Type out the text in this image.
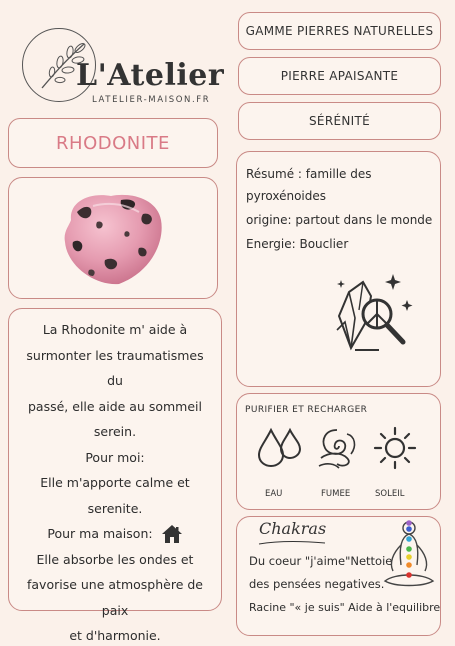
L'Atelier
LATELIER-MAISON.FR
GAMME PIERRES NATURELLES
PIERRE APAISANTE
SÉRÉNITÉ
RHODONITE

Résumé : famille des

pyroxénoides

origine: partout dans le monde

Energie: Bouclier

La Rhodonite m' aide à
surmonter les traumatismes du
passé, elle aide au sommeil
serein.
Pour moi:
Elle m'apporte calme et serenite.
Pour ma maison:
Elle absorbe les ondes et
favorise une atmosphère de paix
et d'harmonie.
PURIFIER ET RECHARGER
EAU	FUMEE	SOLEIL
Chakras
Du coeur "j'aime"Nettoie
des pensées negatives.
Racine "« je suis" Aide à l'equilibre
